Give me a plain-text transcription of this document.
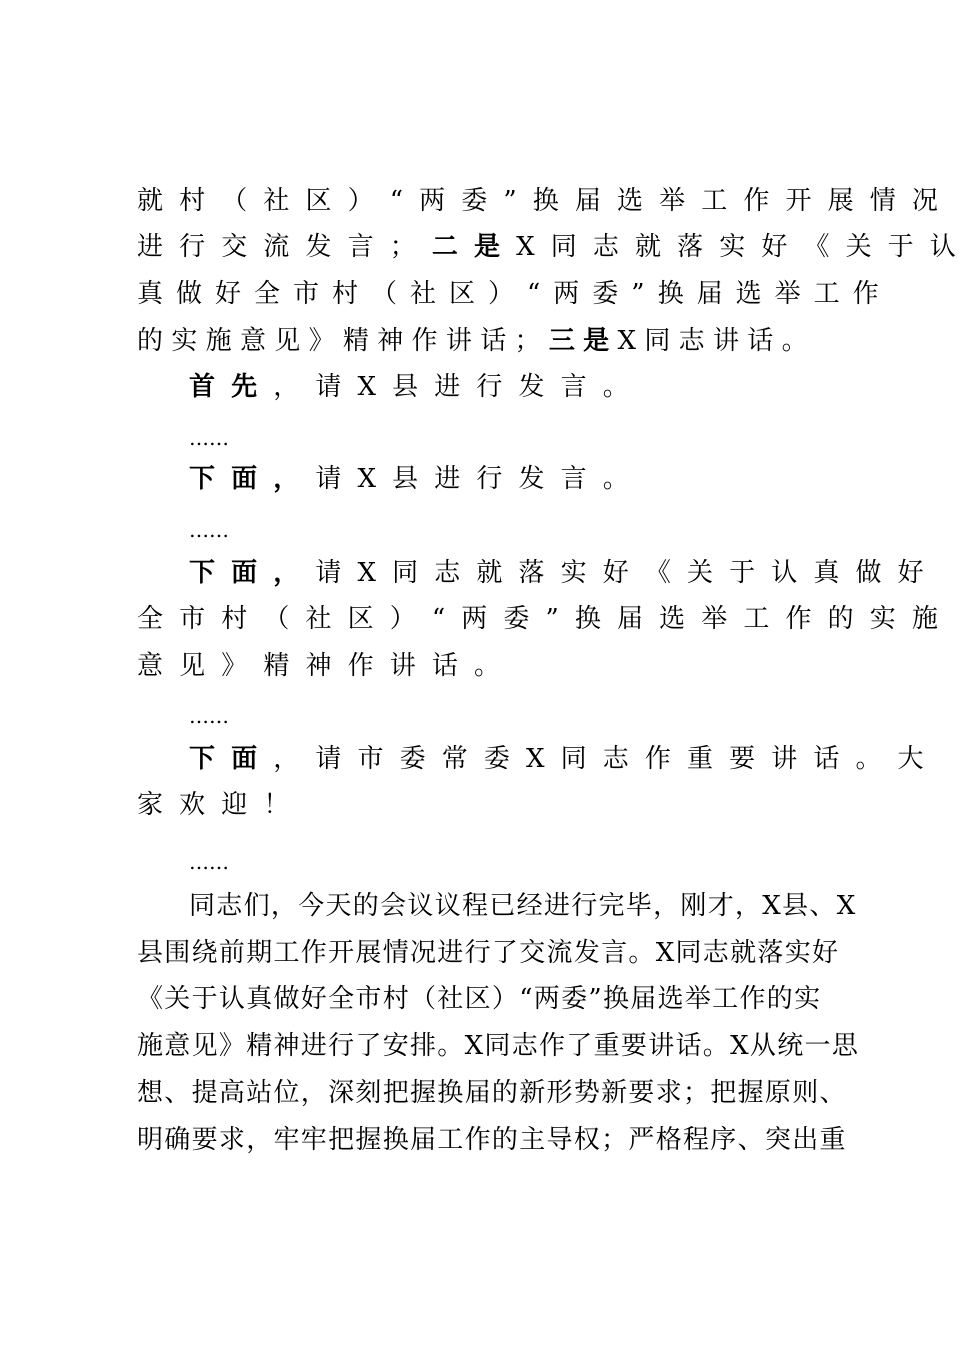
就村（社区）“两委”换届选举工作开展情况
进行交流发言；二是X同志就落实好《关于认
真做好全市村（社区）“两委”换届选举工作
的实施意见》精神作讲话；三是X同志讲话。
首先，请X县进行发言。
……
下面，请X县进行发言。
……
下面，请X同志就落实好《关于认真做好
全市村（社区）“两委”换届选举工作的实施
意见》精神作讲话。
……
下面，请市委常委X同志作重要讲话。大
家欢迎！
……
同志们，今天的会议议程已经进行完毕，刚才，X县、X
县围绕前期工作开展情况进行了交流发言。X同志就落实好
《关于认真做好全市村（社区）“两委”换届选举工作的实
施意见》精神进行了安排。X同志作了重要讲话。X从统一思
想、提高站位，深刻把握换届的新形势新要求；把握原则、
明确要求，牢牢把握换届工作的主导权；严格程序、突出重
